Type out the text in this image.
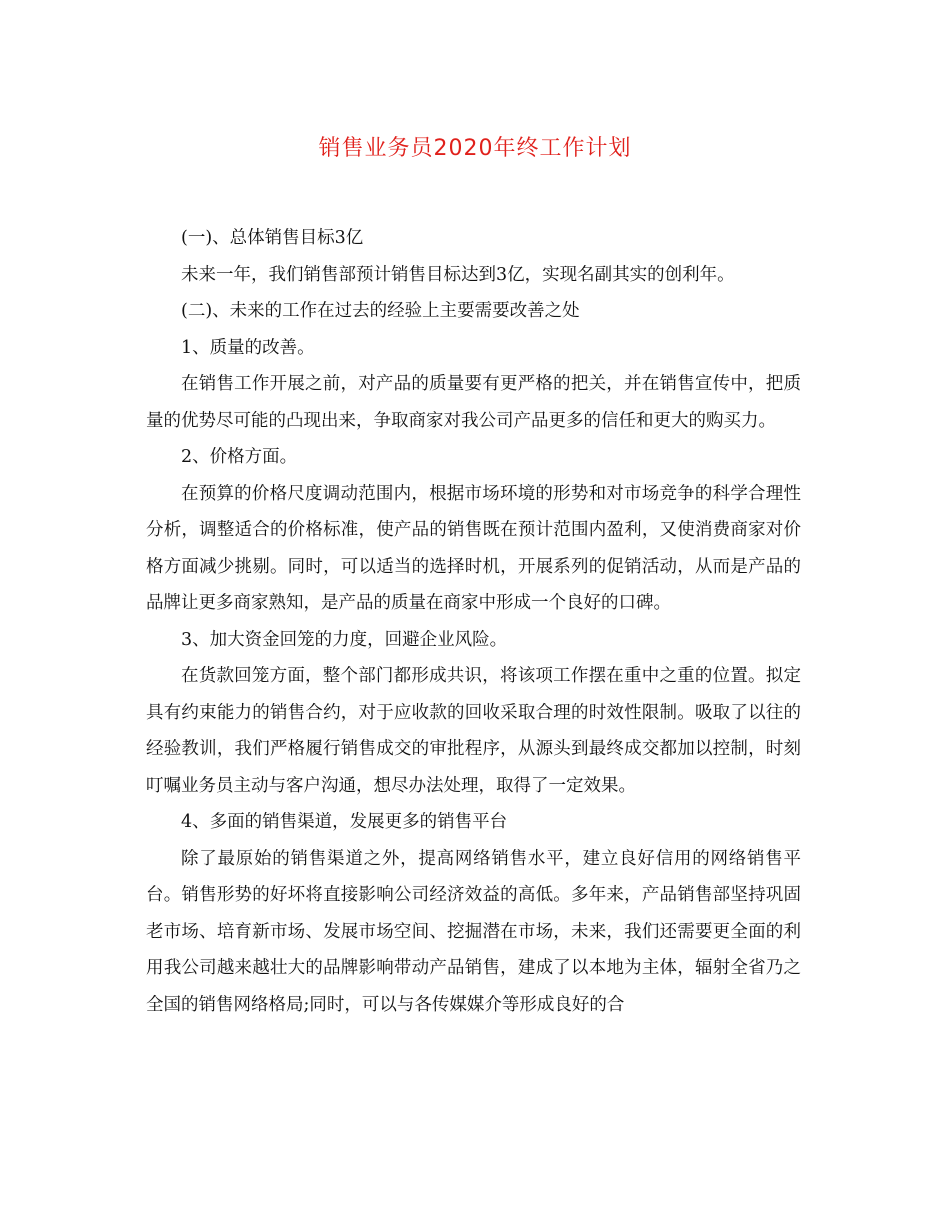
销售业务员2020年终工作计划

(一)、总体销售目标3亿

未来一年，我们销售部预计销售目标达到3亿，实现名副其实的创利年。

(二)、未来的工作在过去的经验上主要需要改善之处

1、质量的改善。

在销售工作开展之前，对产品的质量要有更严格的把关，并在销售宣传中，把质量的优势尽可能的凸现出来，争取商家对我公司产品更多的信任和更大的购买力。

2、价格方面。

在预算的价格尺度调动范围内，根据市场环境的形势和对市场竞争的科学合理性分析，调整适合的价格标准，使产品的销售既在预计范围内盈利，又使消费商家对价格方面减少挑剔。同时，可以适当的选择时机，开展系列的促销活动，从而是产品的品牌让更多商家熟知，是产品的质量在商家中形成一个良好的口碑。

3、加大资金回笼的力度，回避企业风险。

在货款回笼方面，整个部门都形成共识，将该项工作摆在重中之重的位置。拟定具有约束能力的销售合约，对于应收款的回收采取合理的时效性限制。吸取了以往的经验教训，我们严格履行销售成交的审批程序，从源头到最终成交都加以控制，时刻叮嘱业务员主动与客户沟通，想尽办法处理，取得了一定效果。

4、多面的销售渠道，发展更多的销售平台

除了最原始的销售渠道之外，提高网络销售水平，建立良好信用的网络销售平台。销售形势的好坏将直接影响公司经济效益的高低。多年来，产品销售部坚持巩固老市场、培育新市场、发展市场空间、挖掘潜在市场，未来，我们还需要更全面的利用我公司越来越壮大的品牌影响带动产品销售，建成了以本地为主体，辐射全省乃之全国的销售网络格局;同时，可以与各传媒媒介等形成良好的合
